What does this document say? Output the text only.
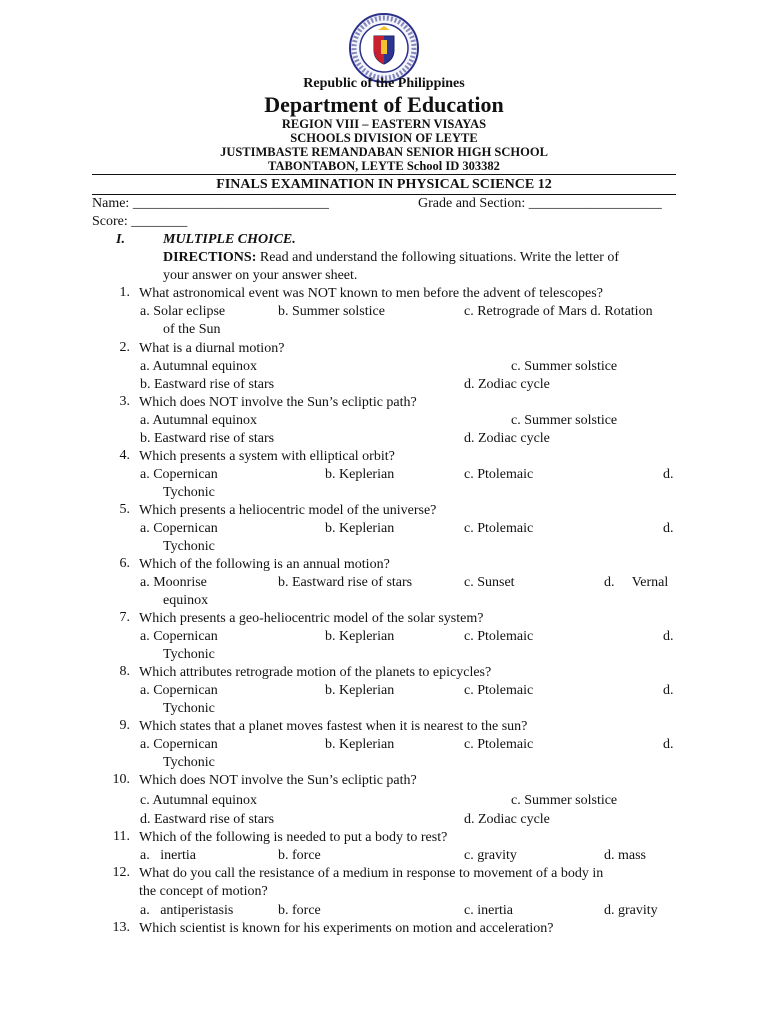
Republic of the Philippines
Department of Education
REGION VIII – EASTERN VISAYAS
SCHOOLS DIVISION OF LEYTE
JUSTIMBASTE REMANDABAN SENIOR HIGH SCHOOL
TABONTABON, LEYTE School ID 303382
FINALS EXAMINATION IN PHYSICAL SCIENCE 12
Name: ____________________________	Grade and Section: ___________________
Score: ________
I.	MULTIPLE CHOICE.
DIRECTIONS: Read and understand the following situations. Write the letter of
your answer on your answer sheet.
1. What astronomical event was NOT known to men before the advent of telescopes?
a. Solar eclipse	b. Summer solstice	c. Retrograde of Mars d. Rotation
of the Sun
2. What is a diurnal motion?
a. Autumnal equinox	c. Summer solstice
b. Eastward rise of stars	d. Zodiac cycle
3. Which does NOT involve the Sun’s ecliptic path?
a. Autumnal equinox	c. Summer solstice
b. Eastward rise of stars	d. Zodiac cycle
4. Which presents a system with elliptical orbit?
a. Copernican	b. Keplerian	c. Ptolemaic	d.
Tychonic
5. Which presents a heliocentric model of the universe?
a. Copernican	b. Keplerian	c. Ptolemaic	d.
Tychonic
6. Which of the following is an annual motion?
a. Moonrise	b. Eastward rise of stars	c. Sunset	d.     Vernal
equinox
7. Which presents a geo-heliocentric model of the solar system?
a. Copernican	b. Keplerian	c. Ptolemaic	d.
Tychonic
8. Which attributes retrograde motion of the planets to epicycles?
a. Copernican	b. Keplerian	c. Ptolemaic	d.
Tychonic
9. Which states that a planet moves fastest when it is nearest to the sun?
a. Copernican	b. Keplerian	c. Ptolemaic	d.
Tychonic
10. Which does NOT involve the Sun’s ecliptic path?
c. Autumnal equinox	c. Summer solstice
d. Eastward rise of stars	d. Zodiac cycle
11. Which of the following is needed to put a body to rest?
a.   inertia	b. force	c. gravity	d. mass
12. What do you call the resistance of a medium in response to movement of a body in
the concept of motion?
a.   antiperistasis	b. force	c. inertia	d. gravity
13. Which scientist is known for his experiments on motion and acceleration?
